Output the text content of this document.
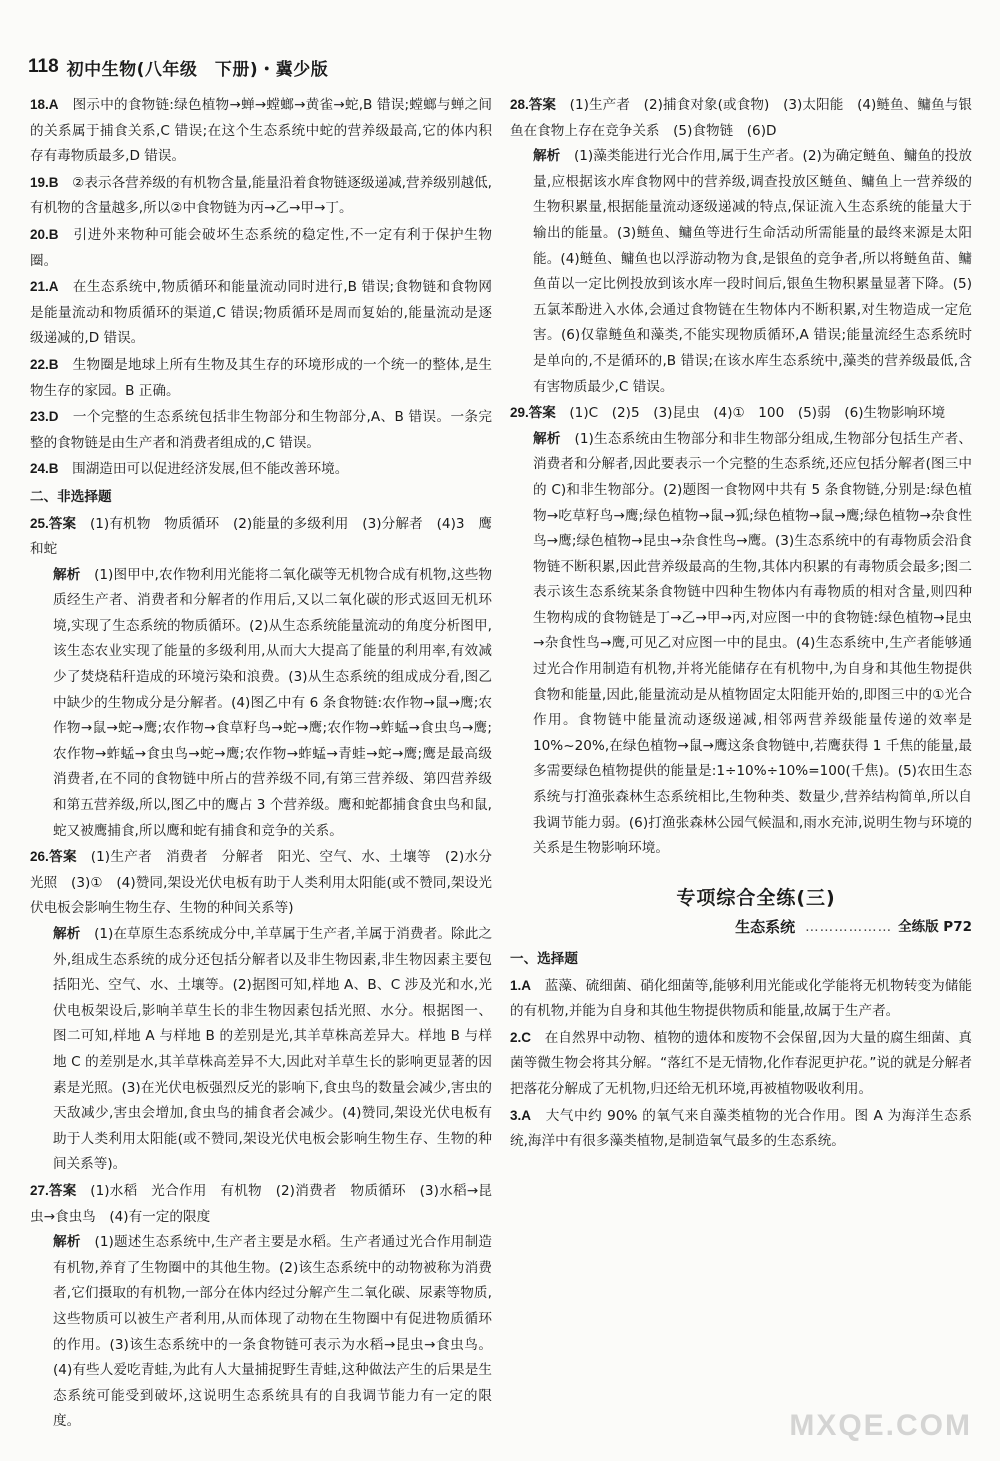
118 初中生物(八年级　下册)・冀少版

18.A　 图示中的食物链:绿色植物→蝉→螳螂→黄雀→蛇,B 错误;螳螂与蝉之间的关系属于捕食关系,C 错误;在这个生态系统中蛇的营养级最高,它的体内积存有毒物质最多,D 错误。

19.B　 ②表示各营养级的有机物含量,能量沿着食物链逐级递减,营养级别越低,有机物的含量越多,所以②中食物链为丙→乙→甲→丁。

20.B　 引进外来物种可能会破坏生态系统的稳定性,不一定有利于保护生物圈。

21.A　 在生态系统中,物质循环和能量流动同时进行,B 错误;食物链和食物网是能量流动和物质循环的渠道,C 错误;物质循环是周而复始的,能量流动是逐级递减的,D 错误。

22.B　 生物圈是地球上所有生物及其生存的环境形成的一个统一的整体,是生物生存的家园。B 正确。

23.D　 一个完整的生态系统包括非生物部分和生物部分,A、B 错误。一条完整的食物链是由生产者和消费者组成的,C 错误。

24.B　 围湖造田可以促进经济发展,但不能改善环境。

二、非选择题

25.答案　 (1)有机物　物质循环　(2)能量的多级利用　(3)分解者　(4)3　鹰和蛇

解析　 (1)图甲中,农作物利用光能将二氧化碳等无机物合成有机物,这些物质经生产者、消费者和分解者的作用后,又以二氧化碳的形式返回无机环境,实现了生态系统的物质循环。(2)从生态系统能量流动的角度分析图甲,该生态农业实现了能量的多级利用,从而大大提高了能量的利用率,有效减少了焚烧秸秆造成的环境污染和浪费。(3)从生态系统的组成成分看,图乙中缺少的生物成分是分解者。(4)图乙中有 6 条食物链:农作物→鼠→鹰;农作物→鼠→蛇→鹰;农作物→食草籽鸟→蛇→鹰;农作物→蚱蜢→食虫鸟→鹰;农作物→蚱蜢→食虫鸟→蛇→鹰;农作物→蚱蜢→青蛙→蛇→鹰;鹰是最高级消费者,在不同的食物链中所占的营养级不同,有第三营养级、第四营养级和第五营养级,所以,图乙中的鹰占 3 个营养级。鹰和蛇都捕食食虫鸟和鼠,蛇又被鹰捕食,所以鹰和蛇有捕食和竞争的关系。

26.答案　 (1)生产者　消费者　分解者　阳光、空气、水、土壤等　(2)水分　光照　(3)①　(4)赞同,架设光伏电板有助于人类利用太阳能(或不赞同,架设光伏电板会影响生物生存、生物的种间关系等)

解析　 (1)在草原生态系统成分中,羊草属于生产者,羊属于消费者。除此之外,组成生态系统的成分还包括分解者以及非生物因素,非生物因素主要包括阳光、空气、水、土壤等。(2)据图可知,样地 A、B、C 涉及光和水,光伏电板架设后,影响羊草生长的非生物因素包括光照、水分。根据图一、图二可知,样地 A 与样地 B 的差别是光,其羊草株高差异大。样地 B 与样地 C 的差别是水,其羊草株高差异不大,因此对羊草生长的影响更显著的因素是光照。(3)在光伏电板强烈反光的影响下,食虫鸟的数量会减少,害虫的天敌减少,害虫会增加,食虫鸟的捕食者会减少。(4)赞同,架设光伏电板有助于人类利用太阳能(或不赞同,架设光伏电板会影响生物生存、生物的种间关系等)。

27.答案　 (1)水稻　光合作用　有机物　(2)消费者　物质循环　(3)水稻→昆虫→食虫鸟　(4)有一定的限度

解析　 (1)题述生态系统中,生产者主要是水稻。生产者通过光合作用制造有机物,养育了生物圈中的其他生物。(2)该生态系统中的动物被称为消费者,它们摄取的有机物,一部分在体内经过分解产生二氧化碳、尿素等物质,这些物质可以被生产者利用,从而体现了动物在生物圈中有促进物质循环的作用。(3)该生态系统中的一条食物链可表示为水稻→昆虫→食虫鸟。(4)有些人爱吃青蛙,为此有人大量捕捉野生青蛙,这种做法产生的后果是生态系统可能受到破坏,这说明生态系统具有的自我调节能力有一定的限度。

28.答案　 (1)生产者　(2)捕食对象(或食物)　(3)太阳能　(4)鲢鱼、鳙鱼与银鱼在食物上存在竞争关系　(5)食物链　(6)D

解析　 (1)藻类能进行光合作用,属于生产者。(2)为确定鲢鱼、鳙鱼的投放量,应根据该水库食物网中的营养级,调查投放区鲢鱼、鳙鱼上一营养级的生物积累量,根据能量流动逐级递减的特点,保证流入生态系统的能量大于输出的能量。(3)鲢鱼、鳙鱼等进行生命活动所需能量的最终来源是太阳能。(4)鲢鱼、鳙鱼也以浮游动物为食,是银鱼的竞争者,所以将鲢鱼苗、鳙鱼苗以一定比例投放到该水库一段时间后,银鱼生物积累量显著下降。(5)五氯苯酚进入水体,会通过食物链在生物体内不断积累,对生物造成一定危害。(6)仅靠鲢鱼和藻类,不能实现物质循环,A 错误;能量流经生态系统时是单向的,不是循环的,B 错误;在该水库生态系统中,藻类的营养级最低,含有害物质最少,C 错误。

29.答案　 (1)C　(2)5　(3)昆虫　(4)①　100　(5)弱　(6)生物影响环境

解析　 (1)生态系统由生物部分和非生物部分组成,生物部分包括生产者、消费者和分解者,因此要表示一个完整的生态系统,还应包括分解者(图三中的 C)和非生物部分。(2)题图一食物网中共有 5 条食物链,分别是:绿色植物→吃草籽鸟→鹰;绿色植物→鼠→狐;绿色植物→鼠→鹰;绿色植物→杂食性鸟→鹰;绿色植物→昆虫→杂食性鸟→鹰。(3)生态系统中的有毒物质会沿食物链不断积累,因此营养级最高的生物,其体内积累的有毒物质会最多;图二表示该生态系统某条食物链中四种生物体内有毒物质的相对含量,则四种生物构成的食物链是丁→乙→甲→丙,对应图一中的食物链:绿色植物→昆虫→杂食性鸟→鹰,可见乙对应图一中的昆虫。(4)生态系统中,生产者能够通过光合作用制造有机物,并将光能储存在有机物中,为自身和其他生物提供食物和能量,因此,能量流动是从植物固定太阳能开始的,即图三中的①光合作用。食物链中能量流动逐级递减,相邻两营养级能量传递的效率是 10%~20%,在绿色植物→鼠→鹰这条食物链中,若鹰获得 1 千焦的能量,最多需要绿色植物提供的能量是:1÷10%÷10%=100(千焦)。(5)农田生态系统与打渔张森林生态系统相比,生物种类、数量少,营养结构简单,所以自我调节能力弱。(6)打渔张森林公园气候温和,雨水充沛,说明生物与环境的关系是生物影响环境。

专项综合全练(三)
生态系统 ……………… 全练版 P72

一、选择题

1.A　 蓝藻、硫细菌、硝化细菌等,能够利用光能或化学能将无机物转变为储能的有机物,并能为自身和其他生物提供物质和能量,故属于生产者。

2.C　 在自然界中动物、植物的遗体和废物不会保留,因为大量的腐生细菌、真菌等微生物会将其分解。“落红不是无情物,化作春泥更护花。”说的就是分解者把落花分解成了无机物,归还给无机环境,再被植物吸收利用。

3.A　 大气中约 90% 的氧气来自藻类植物的光合作用。图 A 为海洋生态系统,海洋中有很多藻类植物,是制造氧气最多的生态系统。

MXQE.COM
